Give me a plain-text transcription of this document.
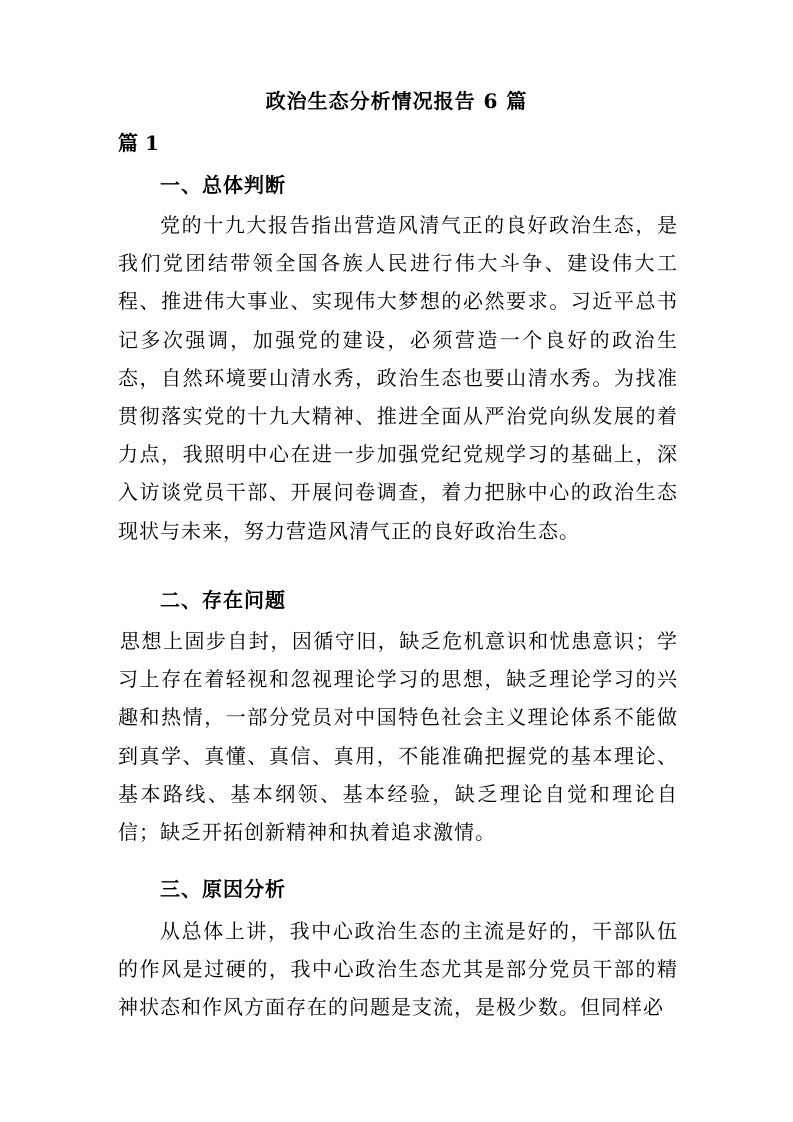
政治生态分析情况报告 6 篇
篇 1
一、总体判断
党的十九大报告指出营造风清气正的良好政治生态，是我们党团结带领全国各族人民进行伟大斗争、建设伟大工程、推进伟大事业、实现伟大梦想的必然要求。习近平总书记多次强调，加强党的建设，必须营造一个良好的政治生态，自然环境要山清水秀，政治生态也要山清水秀。为找准贯彻落实党的十九大精神、推进全面从严治党向纵发展的着力点，我照明中心在进一步加强党纪党规学习的基础上，深入访谈党员干部、开展问卷调查，着力把脉中心的政治生态现状与未来，努力营造风清气正的良好政治生态。
二、存在问题
思想上固步自封，因循守旧，缺乏危机意识和忧患意识；学习上存在着轻视和忽视理论学习的思想，缺乏理论学习的兴趣和热情，一部分党员对中国特色社会主义理论体系不能做到真学、真懂、真信、真用，不能准确把握党的基本理论、基本路线、基本纲领、基本经验，缺乏理论自觉和理论自信；缺乏开拓创新精神和执着追求激情。
三、原因分析
从总体上讲，我中心政治生态的主流是好的，干部队伍的作风是过硬的，我中心政治生态尤其是部分党员干部的精神状态和作风方面存在的问题是支流，是极少数。但同样必
